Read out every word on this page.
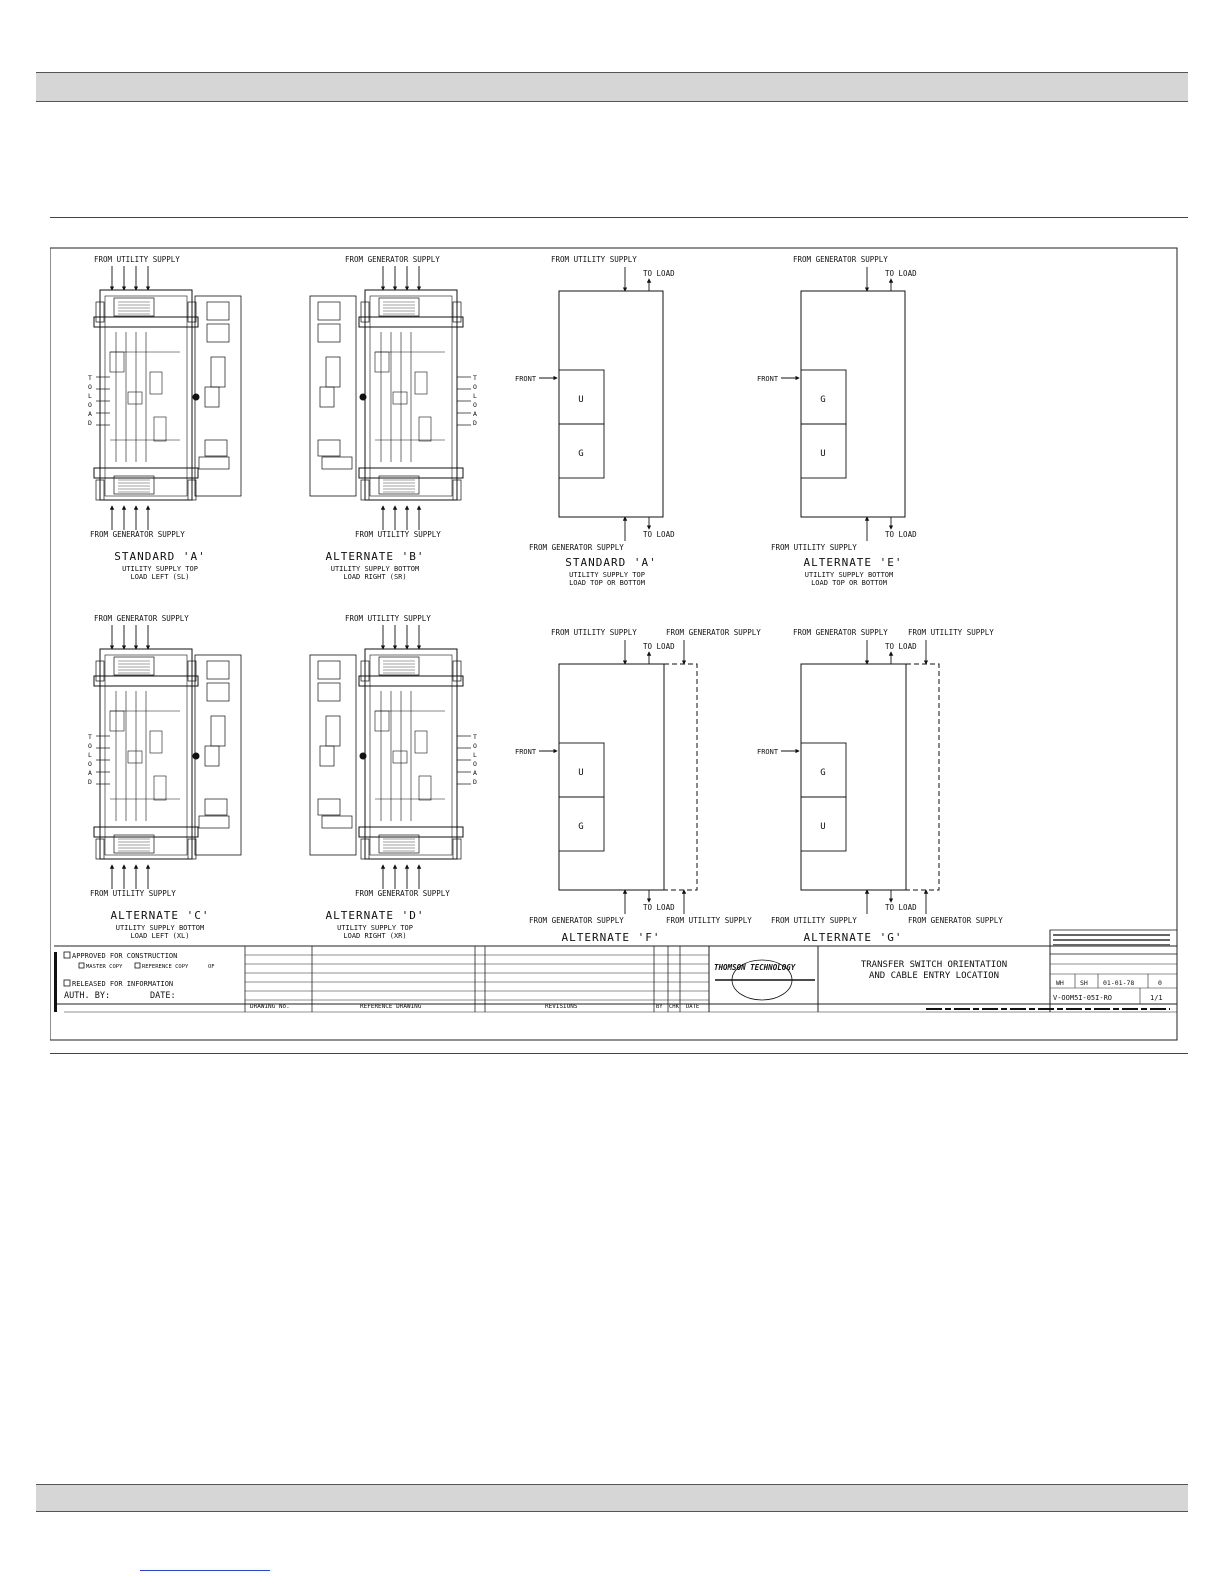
T
O
L
O
A
D
FROM UTILITY SUPPLY
FROM GENERATOR SUPPLY
STANDARD 'A'
UTILITY SUPPLY TOP
LOAD LEFT (SL)
T
O
L
O
A
D
FROM GENERATOR SUPPLY
FROM UTILITY SUPPLY
ALTERNATE 'B'
UTILITY SUPPLY BOTTOM
LOAD RIGHT (SR)
T
O
L
O
A
D
FROM GENERATOR SUPPLY
FROM UTILITY SUPPLY
ALTERNATE 'C'
UTILITY SUPPLY BOTTOM
LOAD LEFT (XL)
T
O
L
O
A
D
FROM UTILITY SUPPLY
FROM GENERATOR SUPPLY
ALTERNATE 'D'
UTILITY SUPPLY TOP
LOAD RIGHT (XR)
U
G
FRONT
FROM UTILITY SUPPLY
TO LOAD
FROM GENERATOR SUPPLY
TO LOAD
STANDARD 'A'
UTILITY SUPPLY TOP
LOAD TOP OR BOTTOM
G
U
FRONT
FROM GENERATOR SUPPLY
TO LOAD
FROM UTILITY SUPPLY
TO LOAD
ALTERNATE 'E'
UTILITY SUPPLY BOTTOM
LOAD TOP OR BOTTOM
U
G
FRONT
FROM UTILITY SUPPLY
TO LOAD
FROM GENERATOR SUPPLY
TO LOAD
FROM GENERATOR SUPPLY
FROM UTILITY SUPPLY
ALTERNATE 'F'
G
U
FRONT
FROM GENERATOR SUPPLY
TO LOAD
FROM UTILITY SUPPLY
TO LOAD
FROM UTILITY SUPPLY
FROM GENERATOR SUPPLY
ALTERNATE 'G'
APPROVED FOR CONSTRUCTION
MASTER COPY	REFERENCE COPY	OF
RELEASED FOR INFORMATION
AUTH. BY:	DATE:
DRAWING No.	REFERENCE DRAWING	REVISIONS	BY CHK DATE
THOMSON TECHNOLOGY	TRANSFER SWITCH ORIENTATION
AND CABLE ENTRY LOCATION
WH SH 01-01-78	0
V-OOM5I-05I-RO	1/1
